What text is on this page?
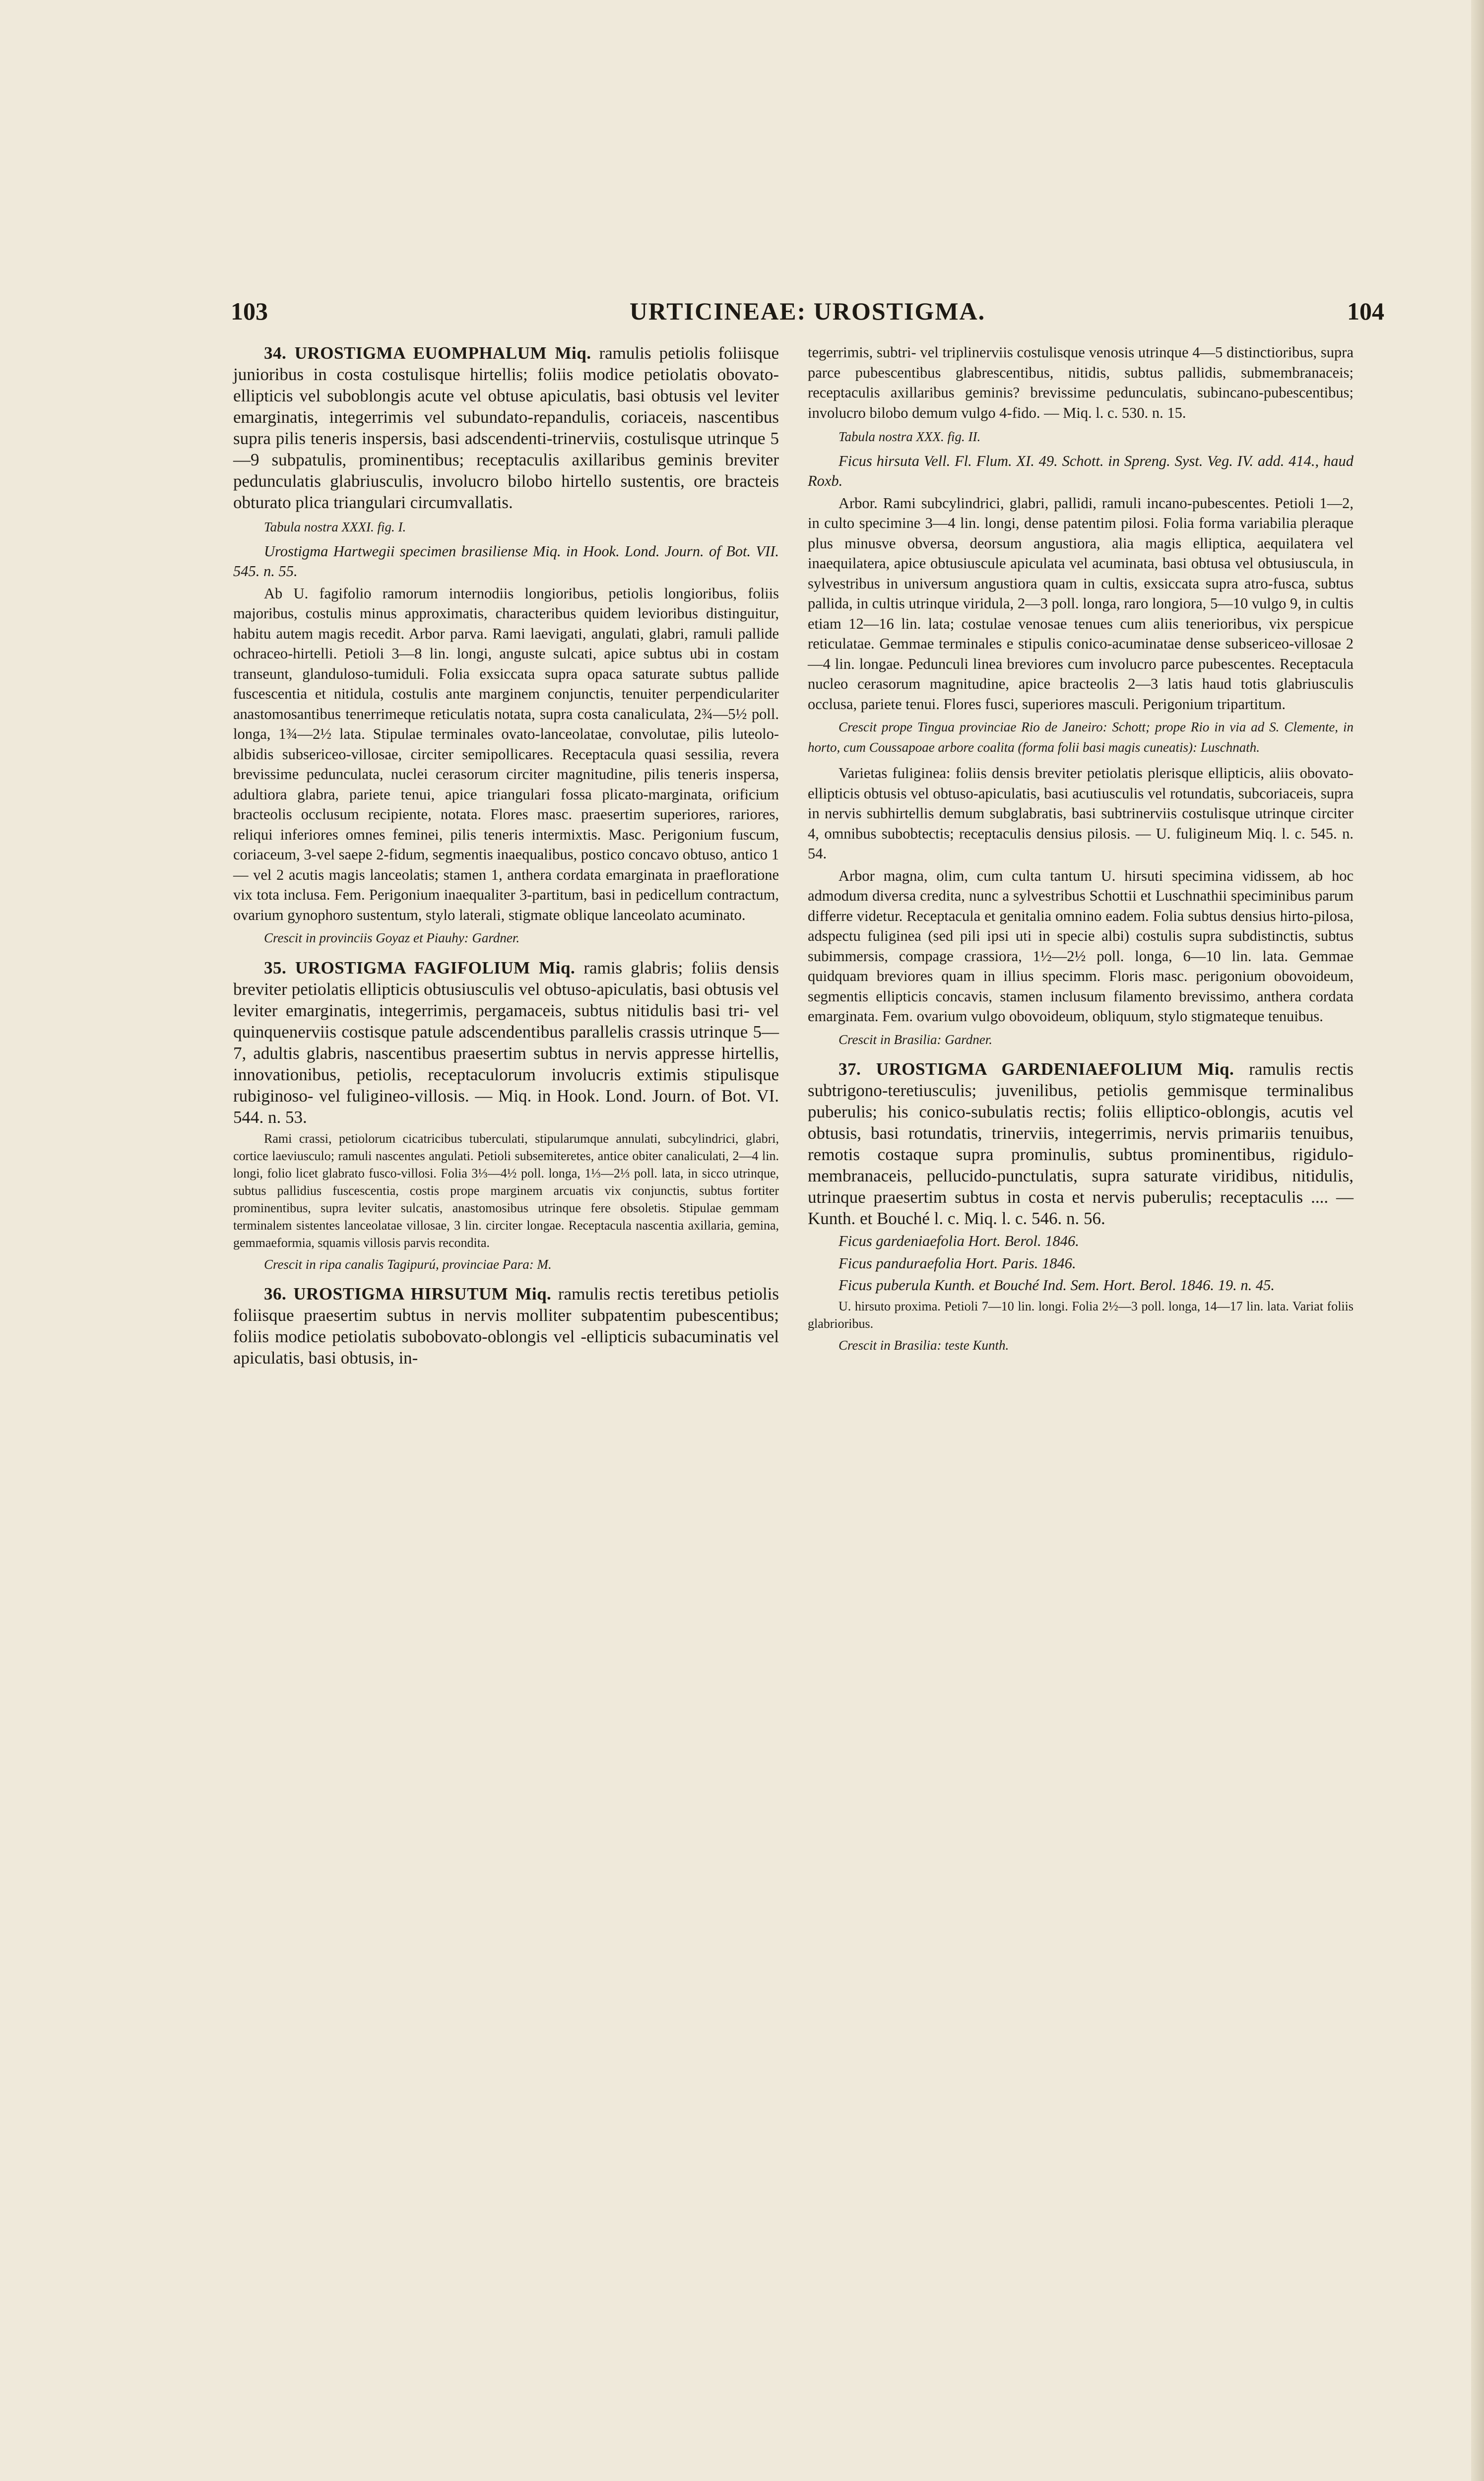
103	URTICINEAE: UROSTIGMA.	104

34. UROSTIGMA EUOMPHALUM Miq. ramulis petiolis foliisque junioribus in costa costulisque hirtellis; foliis modice petiolatis obovato-ellipticis vel suboblongis acute vel obtuse apiculatis, basi obtusis vel leviter emarginatis, integerrimis vel subundato-repandulis, coriaceis, nascentibus supra pilis teneris inspersis, basi adscendenti-trinerviis, costulisque utrinque 5—9 subpatulis, prominentibus; receptaculis axillaribus geminis breviter pedunculatis glabriusculis, involucro bilobo hirtello sustentis, ore bracteis obturato plica triangulari circumvallatis.

Tabula nostra XXXI. fig. I.

Urostigma Hartwegii specimen brasiliense Miq. in Hook. Lond. Journ. of Bot. VII. 545. n. 55.

Ab U. fagifolio ramorum internodiis longioribus, petiolis longioribus, foliis majoribus, costulis minus approximatis, characteribus quidem levioribus distinguitur, habitu autem magis recedit. Arbor parva. Rami laevigati, angulati, glabri, ramuli pallide ochraceo-hirtelli. Petioli 3—8 lin. longi, anguste sulcati, apice subtus ubi in costam transeunt, glanduloso-tumiduli. Folia exsiccata supra opaca saturate subtus pallide fuscescentia et nitidula, costulis ante marginem conjunctis, tenuiter perpendiculariter anastomosantibus tenerrimeque reticulatis notata, supra costa canaliculata, 2¾—5½ poll. longa, 1¾—2½ lata. Stipulae terminales ovato-lanceolatae, convolutae, pilis luteolo-albidis subsericeo-villosae, circiter semipollicares. Receptacula quasi sessilia, revera brevissime pedunculata, nuclei cerasorum circiter magnitudine, pilis teneris inspersa, adultiora glabra, pariete tenui, apice triangulari fossa plicato-marginata, orificium bracteolis occlusum recipiente, notata. Flores masc. praesertim superiores, rariores, reliqui inferiores omnes feminei, pilis teneris intermixtis. Masc. Perigonium fuscum, coriaceum, 3-vel saepe 2-fidum, segmentis inaequalibus, postico concavo obtuso, antico 1 — vel 2 acutis magis lanceolatis; stamen 1, anthera cordata emarginata in praefloratione vix tota inclusa. Fem. Perigonium inaequaliter 3-partitum, basi in pedicellum contractum, ovarium gynophoro sustentum, stylo laterali, stigmate oblique lanceolato acuminato.

Crescit in provinciis Goyaz et Piauhy: Gardner.

35. UROSTIGMA FAGIFOLIUM Miq. ramis glabris; foliis densis breviter petiolatis ellipticis obtusiusculis vel obtuso-apiculatis, basi obtusis vel leviter emarginatis, integerrimis, pergamaceis, subtus nitidulis basi tri- vel quinquenerviis costisque patule adscendentibus parallelis crassis utrinque 5—7, adultis glabris, nascentibus praesertim subtus in nervis appresse hirtellis, innovationibus, petiolis, receptaculorum involucris extimis stipulisque rubiginoso- vel fuligineo-villosis. — Miq. in Hook. Lond. Journ. of Bot. VI. 544. n. 53.

Rami crassi, petiolorum cicatricibus tuberculati, stipularumque annulati, subcylindrici, glabri, cortice laeviusculo; ramuli nascentes angulati. Petioli subsemiteretes, antice obiter canaliculati, 2—4 lin. longi, folio licet glabrato fusco-villosi. Folia 3⅓—4½ poll. longa, 1⅓—2⅓ poll. lata, in sicco utrinque, subtus pallidius fuscescentia, costis prope marginem arcuatis vix conjunctis, subtus fortiter prominentibus, supra leviter sulcatis, anastomosibus utrinque fere obsoletis. Stipulae gemmam terminalem sistentes lanceolatae villosae, 3 lin. circiter longae. Receptacula nascentia axillaria, gemina, gemmaeformia, squamis villosis parvis recondita.

Crescit in ripa canalis Tagipurú, provinciae Para: M.

36. UROSTIGMA HIRSUTUM Miq. ramulis rectis teretibus petiolis foliisque praesertim subtus in nervis molliter subpatentim pubescentibus; foliis modice petiolatis subobovato-oblongis vel -ellipticis subacuminatis vel apiculatis, basi obtusis, in-

tegerrimis, subtri- vel triplinerviis costulisque venosis utrinque 4—5 distinctioribus, supra parce pubescentibus glabrescentibus, nitidis, subtus pallidis, submembranaceis; receptaculis axillaribus geminis? brevissime pedunculatis, subincano-pubescentibus; involucro bilobo demum vulgo 4-fido. — Miq. l. c. 530. n. 15.

Tabula nostra XXX. fig. II.

Ficus hirsuta Vell. Fl. Flum. XI. 49. Schott. in Spreng. Syst. Veg. IV. add. 414., haud Roxb.

Arbor. Rami subcylindrici, glabri, pallidi, ramuli incano-pubescentes. Petioli 1—2, in culto specimine 3—4 lin. longi, dense patentim pilosi. Folia forma variabilia pleraque plus minusve obversa, deorsum angustiora, alia magis elliptica, aequilatera vel inaequilatera, apice obtusiuscule apiculata vel acuminata, basi obtusa vel obtusiuscula, in sylvestribus in universum angustiora quam in cultis, exsiccata supra atro-fusca, subtus pallida, in cultis utrinque viridula, 2—3 poll. longa, raro longiora, 5—10 vulgo 9, in cultis etiam 12—16 lin. lata; costulae venosae tenues cum aliis tenerioribus, vix perspicue reticulatae. Gemmae terminales e stipulis conico-acuminatae dense subsericeo-villosae 2—4 lin. longae. Pedunculi linea breviores cum involucro parce pubescentes. Receptacula nucleo cerasorum magnitudine, apice bracteolis 2—3 latis haud totis glabriusculis occlusa, pariete tenui. Flores fusci, superiores masculi. Perigonium tripartitum.

Crescit prope Tingua provinciae Rio de Janeiro: Schott; prope Rio in via ad S. Clemente, in horto, cum Coussapoae arbore coalita (forma folii basi magis cuneatis): Luschnath.

Varietas fuliginea: foliis densis breviter petiolatis plerisque ellipticis, aliis obovato-ellipticis obtusis vel obtuso-apiculatis, basi acutiusculis vel rotundatis, subcoriaceis, supra in nervis subhirtellis demum subglabratis, basi subtrinerviis costulisque utrinque circiter 4, omnibus subobtectis; receptaculis densius pilosis. — U. fuligineum Miq. l. c. 545. n. 54.

Arbor magna, olim, cum culta tantum U. hirsuti specimina vidissem, ab hoc admodum diversa credita, nunc a sylvestribus Schottii et Luschnathii speciminibus parum differre videtur. Receptacula et genitalia omnino eadem. Folia subtus densius hirto-pilosa, adspectu fuliginea (sed pili ipsi uti in specie albi) costulis supra subdistinctis, subtus subimmersis, compage crassiora, 1½—2½ poll. longa, 6—10 lin. lata. Gemmae quidquam breviores quam in illius specimm. Floris masc. perigonium obovoideum, segmentis ellipticis concavis, stamen inclusum filamento brevissimo, anthera cordata emarginata. Fem. ovarium vulgo obovoideum, obliquum, stylo stigmateque tenuibus.

Crescit in Brasilia: Gardner.

37. UROSTIGMA GARDENIAEFOLIUM Miq. ramulis rectis subtrigono-teretiusculis; juvenilibus, petiolis gemmisque terminalibus puberulis; his conico-subulatis rectis; foliis elliptico-oblongis, acutis vel obtusis, basi rotundatis, trinerviis, integerrimis, nervis primariis tenuibus, remotis costaque supra prominulis, subtus prominentibus, rigidulo-membranaceis, pellucido-punctulatis, supra saturate viridibus, nitidulis, utrinque praesertim subtus in costa et nervis puberulis; receptaculis .... — Kunth. et Bouché l. c. Miq. l. c. 546. n. 56.

Ficus gardeniaefolia Hort. Berol. 1846.

Ficus panduraefolia Hort. Paris. 1846.

Ficus puberula Kunth. et Bouché Ind. Sem. Hort. Berol. 1846. 19. n. 45.

U. hirsuto proxima. Petioli 7—10 lin. longi. Folia 2½—3 poll. longa, 14—17 lin. lata. Variat foliis glabrioribus.

Crescit in Brasilia: teste Kunth.
